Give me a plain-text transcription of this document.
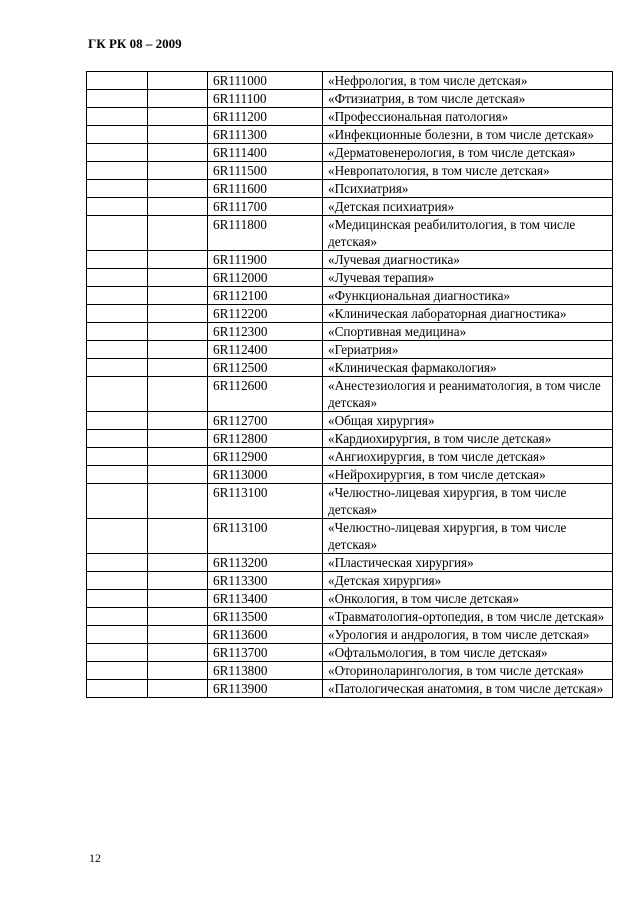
ГК РК 08 – 2009
		6R111000	«Нефрология, в том числе детская»
		6R111100	«Фтизиатрия, в том числе детская»
		6R111200	«Профессиональная патология»
		6R111300	«Инфекционные болезни, в том числе детская»
		6R111400	«Дерматовенерология, в том числе детская»
		6R111500	«Невропатология, в том числе детская»
		6R111600	«Психиатрия»
		6R111700	«Детская психиатрия»
		6R111800	«Медицинская реабилитология, в том числе детская»
		6R111900	«Лучевая диагностика»
		6R112000	«Лучевая терапия»
		6R112100	«Функциональная диагностика»
		6R112200	«Клиническая лабораторная диагностика»
		6R112300	«Спортивная медицина»
		6R112400	«Гериатрия»
		6R112500	«Клиническая фармакология»
		6R112600	«Анестезиология и реаниматология, в том числе детская»
		6R112700	«Общая хирургия»
		6R112800	«Кардиохирургия, в том числе детская»
		6R112900	«Ангиохирургия, в том числе детская»
		6R113000	«Нейрохирургия, в том числе детская»
		6R113100	«Челюстно-лицевая хирургия, в том числе детская»
		6R113100	«Челюстно-лицевая хирургия, в том числе детская»
		6R113200	«Пластическая хирургия»
		6R113300	«Детская хирургия»
		6R113400	«Онкология, в том числе детская»
		6R113500	«Травматология-ортопедия, в том числе детская»
		6R113600	«Урология и андрология, в том числе детская»
		6R113700	«Офтальмология, в том числе детская»
		6R113800	«Оториноларингология, в том числе детская»
		6R113900	«Патологическая анатомия, в том числе детская»
12
